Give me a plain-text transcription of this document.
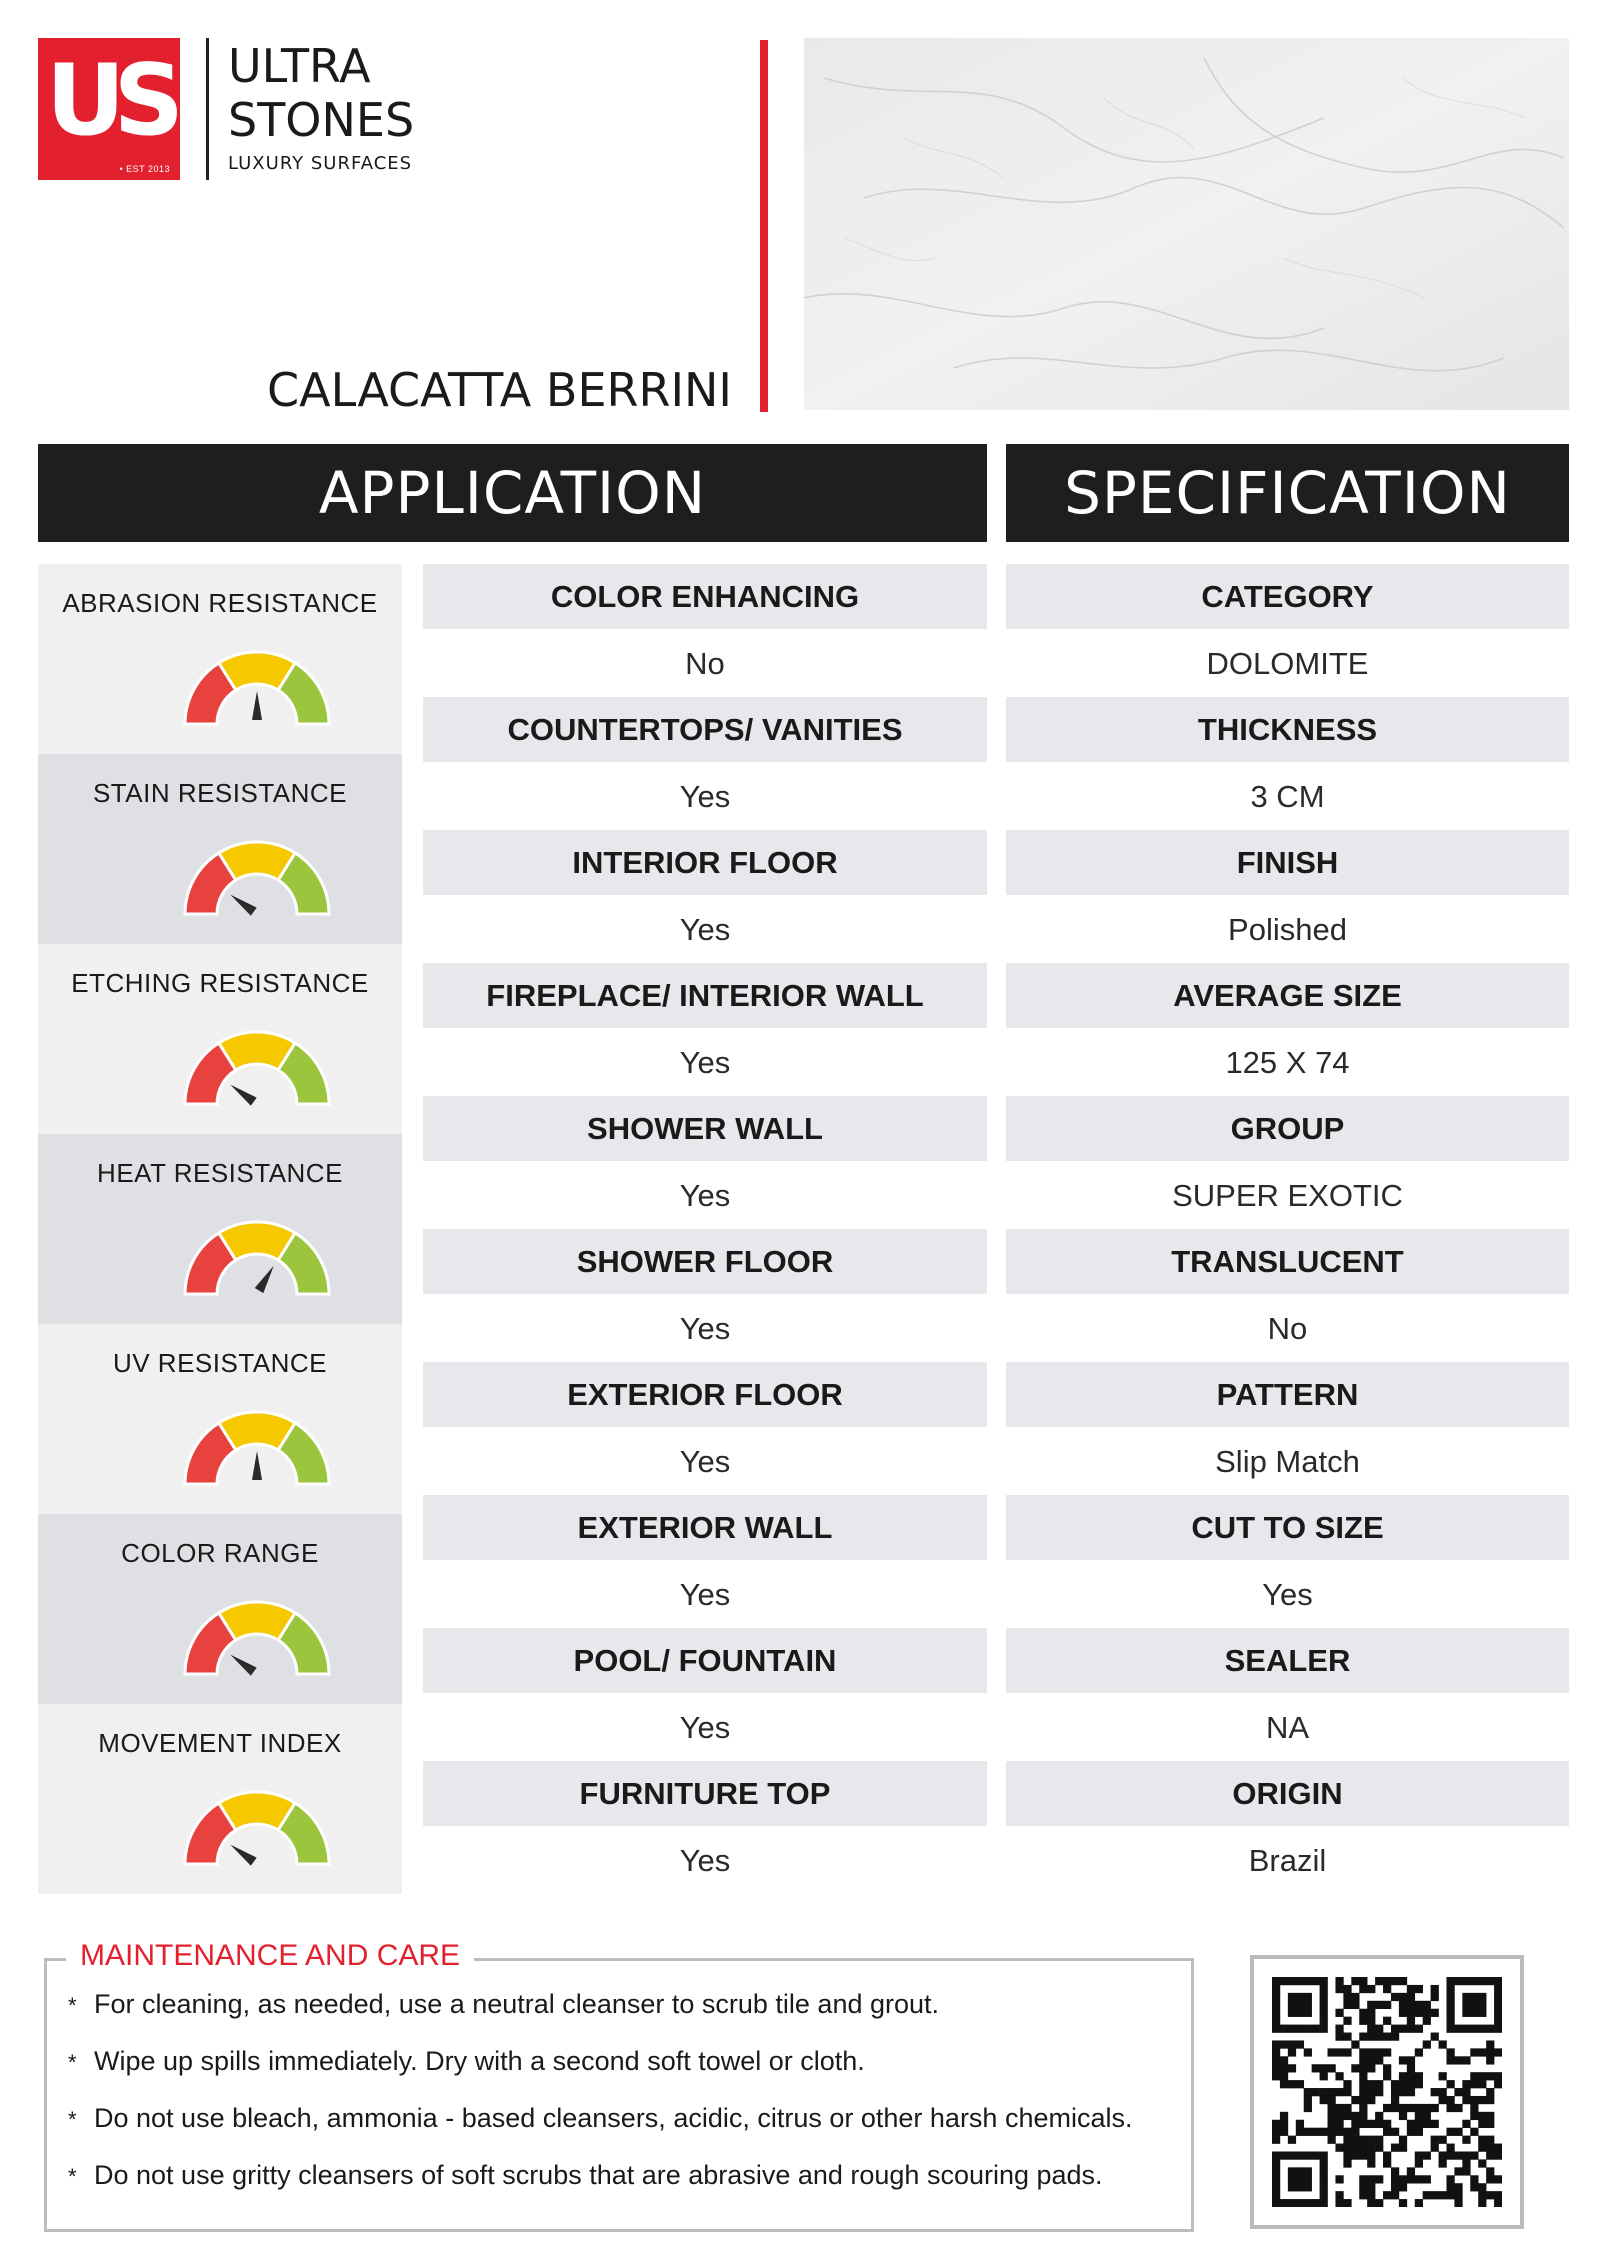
US
• EST 2013
ULTRA
STONES
LUXURY SURFACES
CALACATTA BERRINI
APPLICATION	SPECIFICATION
ABRASION RESISTANCE
STAIN RESISTANCE
ETCHING RESISTANCE
HEAT RESISTANCE
UV RESISTANCE
COLOR RANGE
MOVEMENT INDEX
COLOR ENHANCING
No
COUNTERTOPS/ VANITIES
Yes
INTERIOR FLOOR
Yes
FIREPLACE/ INTERIOR WALL
Yes
SHOWER WALL
Yes
SHOWER FLOOR
Yes
EXTERIOR FLOOR
Yes
EXTERIOR WALL
Yes
POOL/ FOUNTAIN
Yes
FURNITURE TOP
Yes
CATEGORY
DOLOMITE
THICKNESS
3 CM
FINISH
Polished
AVERAGE SIZE
125 X 74
GROUP
SUPER EXOTIC
TRANSLUCENT
No
PATTERN
Slip Match
CUT TO SIZE
Yes
SEALER
NA
ORIGIN
Brazil
MAINTENANCE AND CARE
* For cleaning, as needed, use a neutral cleanser to scrub tile and grout.
* Wipe up spills immediately. Dry with a second soft towel or cloth.
* Do not use bleach, ammonia - based cleansers, acidic, citrus or other harsh chemicals.
* Do not use gritty cleansers of soft scrubs that are abrasive and rough scouring pads.
